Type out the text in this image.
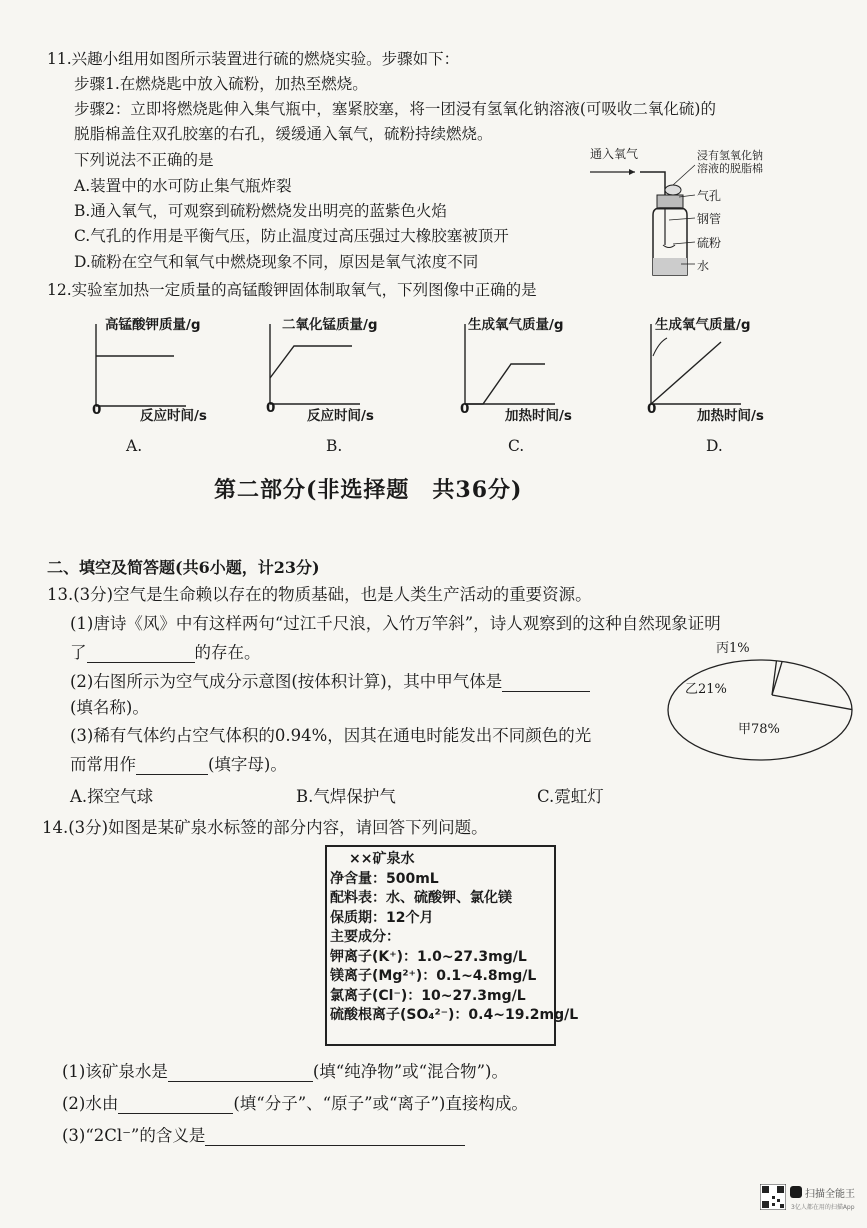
11.兴趣小组用如图所示装置进行硫的燃烧实验。步骤如下：
步骤1.在燃烧匙中放入硫粉，加热至燃烧。
步骤2：立即将燃烧匙伸入集气瓶中，塞紧胶塞，将一团浸有氢氧化钠溶液(可吸收二氧化硫)的
脱脂棉盖住双孔胶塞的右孔，缓缓通入氧气，硫粉持续燃烧。
下列说法不正确的是
A.装置中的水可防止集气瓶炸裂
B.通入氧气，可观察到硫粉燃烧发出明亮的蓝紫色火焰
C.气孔的作用是平衡气压，防止温度过高压强过大橡胶塞被顶开
D.硫粉在空气和氧气中燃烧现象不同，原因是氧气浓度不同
通入氧气	浸有氢氧化钠
溶液的脱脂棉
气孔
钢管
硫粉
水
12.实验室加热一定质量的高锰酸钾固体制取氧气，下列图像中正确的是
高锰酸钾质量/g
反应时间/s
0
A.
二氧化锰质量/g
反应时间/s
0
B.
生成氧气质量/g
加热时间/s
0
C.
生成氧气质量/g
加热时间/s
0
D.
第二部分(非选择题　共36分)
二、填空及简答题(共6小题，计23分)
13.(3分)空气是生命赖以存在的物质基础，也是人类生产活动的重要资源。
(1)唐诗《风》中有这样两句“过江千尺浪，入竹万竿斜”，诗人观察到的这种自然现象证明
了	的存在。
(2)右图所示为空气成分示意图(按体积计算)，其中甲气体是
(填名称)。
(3)稀有气体约占空气体积的0.94%，因其在通电时能发出不同颜色的光
而常用作	(填字母)。
A.探空气球	B.气焊保护气	C.霓虹灯
丙1%
乙21%
甲78%
14.(3分)如图是某矿泉水标签的部分内容，请回答下列问题。
××矿泉水
净含量：500mL
配料表：水、硫酸钾、氯化镁
保质期：12个月
主要成分：
钾离子(K⁺)：1.0~27.3mg/L
镁离子(Mg²⁺)：0.1~4.8mg/L
氯离子(Cl⁻)：10~27.3mg/L
硫酸根离子(SO₄²⁻)：0.4~19.2mg/L
(1)该矿泉水是	(填“纯净物”或“混合物”)。
(2)水由	(填“分子”、“原子”或“离子”)直接构成。
(3)“2Cl⁻”的含义是
扫描全能王
3亿人都在用的扫描App
